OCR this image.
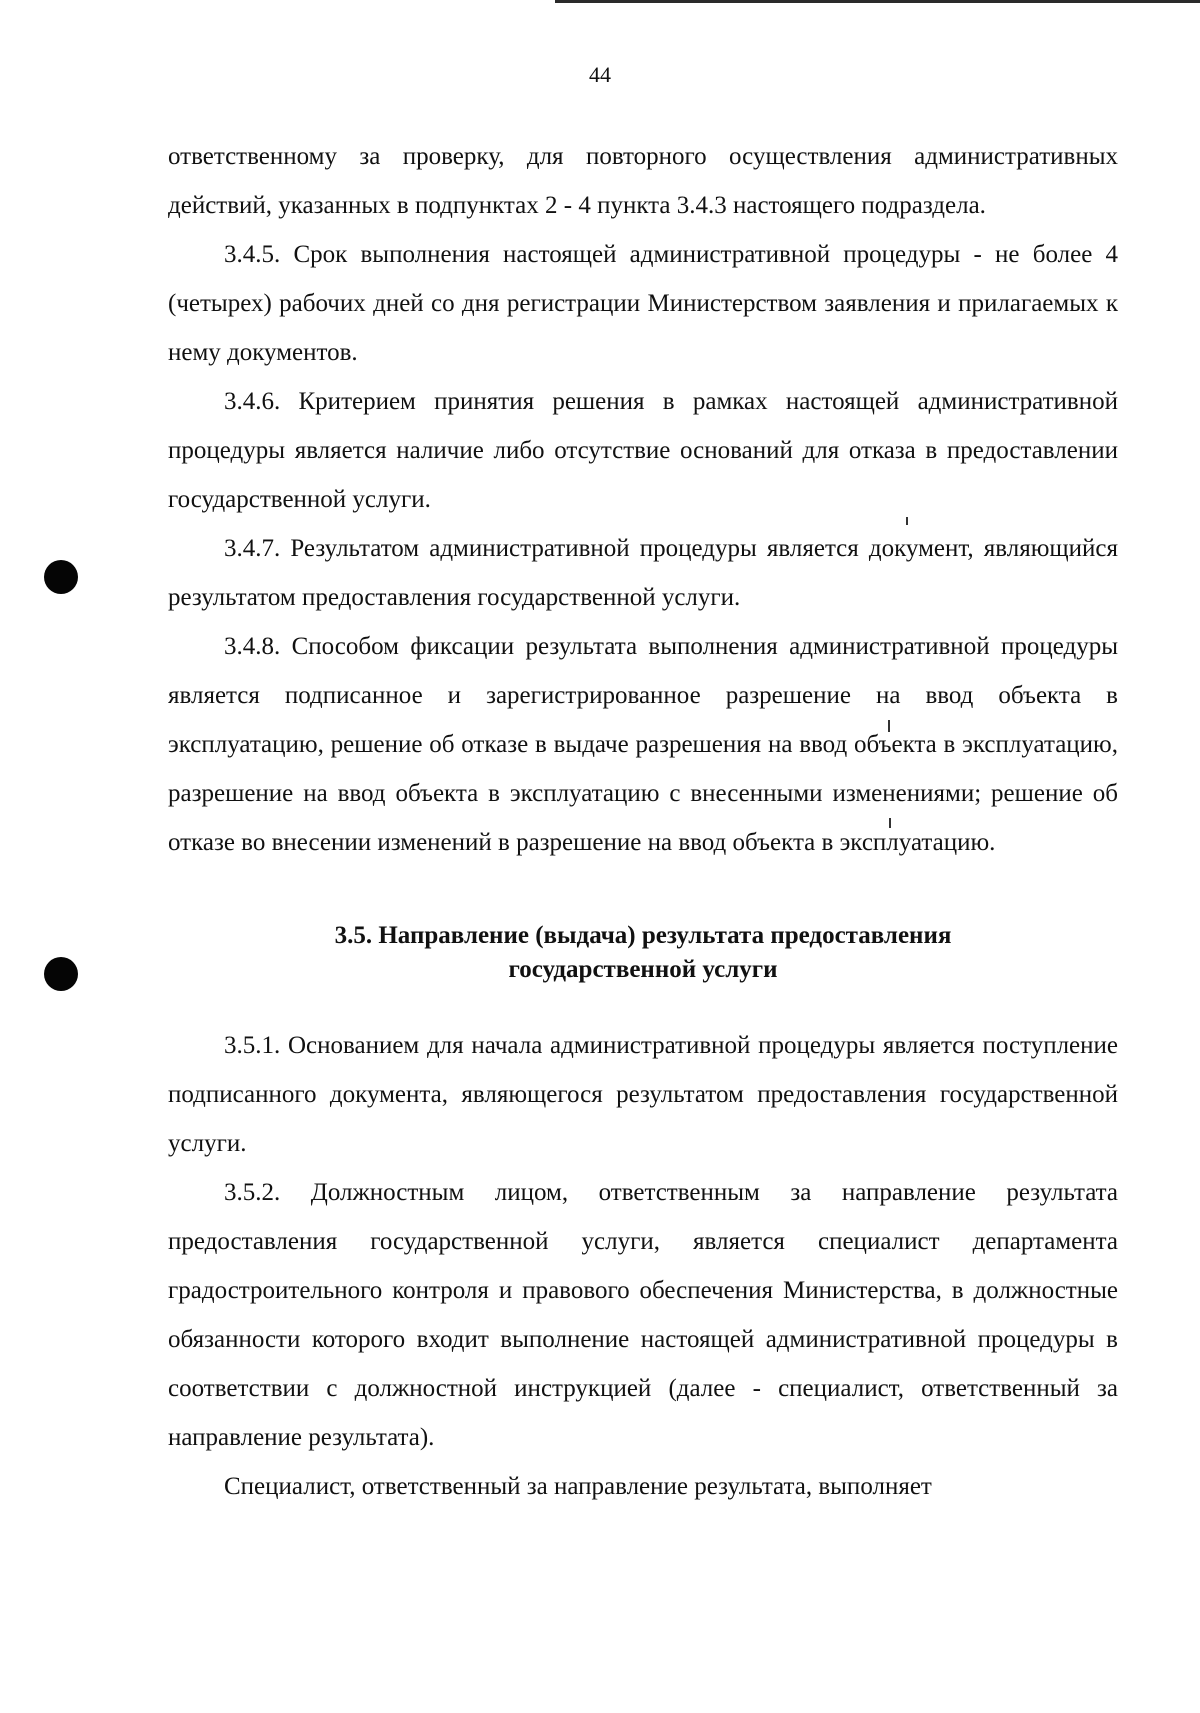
44

ответственному за проверку, для повторного осуществления административных действий, указанных в подпунктах 2 - 4 пункта 3.4.3 настоящего подраздела.

3.4.5. Срок выполнения настоящей административной процедуры - не более 4 (четырех) рабочих дней со дня регистрации Министерством заявления и прилагаемых к нему документов.

3.4.6. Критерием принятия решения в рамках настоящей административной процедуры является наличие либо отсутствие оснований для отказа в предоставлении государственной услуги.

3.4.7. Результатом административной процедуры является документ, являющийся результатом предоставления государственной услуги.

3.4.8. Способом фиксации результата выполнения административной процедуры является подписанное и зарегистрированное разрешение на ввод объекта в эксплуатацию, решение об отказе в выдаче разрешения на ввод объекта в эксплуатацию, разрешение на ввод объекта в эксплуатацию с внесенными изменениями; решение об отказе во внесении изменений в разрешение на ввод объекта в эксплуатацию.

3.5. Направление (выдача) результата предоставления
государственной услуги

3.5.1. Основанием для начала административной процедуры является поступление подписанного документа, являющегося результатом предоставления государственной услуги.

3.5.2. Должностным лицом, ответственным за направление результата предоставления государственной услуги, является специалист департамента градостроительного контроля и правового обеспечения Министерства, в должностные обязанности которого входит выполнение настоящей административной процедуры в соответствии с должностной инструкцией (далее - специалист, ответственный за направление результата).

Специалист, ответственный за направление результата, выполняет
